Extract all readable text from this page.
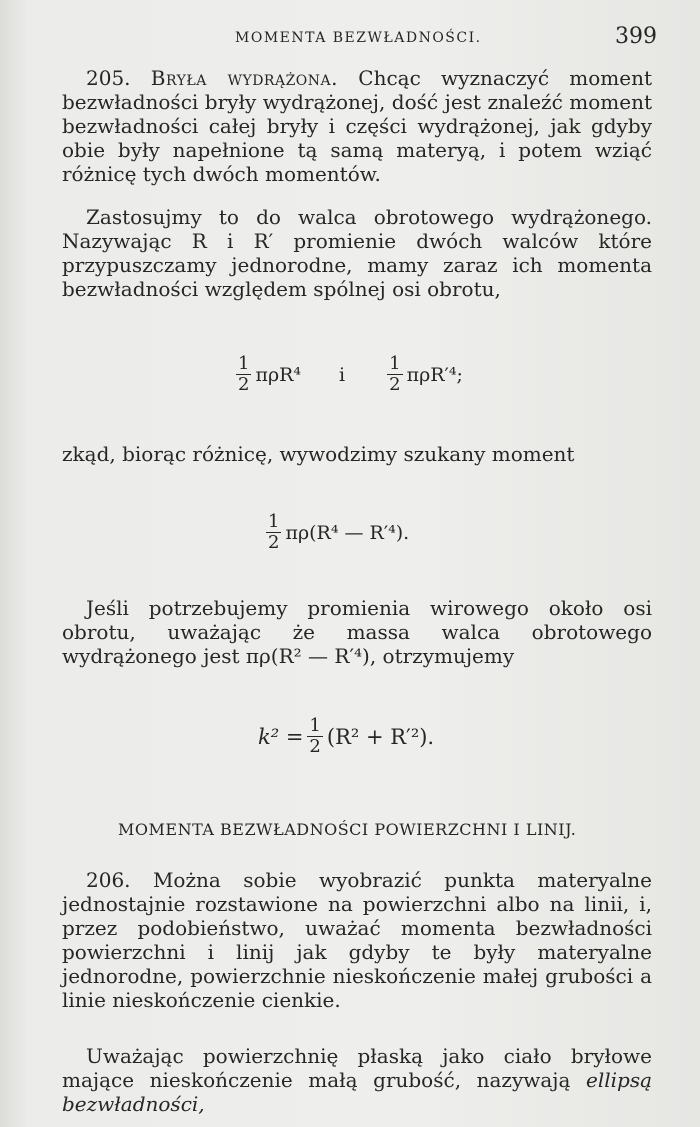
MOMENTA BEZWŁADNOŚCI.	399

205. Bryła wydrążona. Chcąc wyznaczyć moment bezwładności bryły wydrążonej, dość jest znaleźć moment bezwładności całej bryły i części wydrążonej, jak gdyby obie były napełnione tą samą materyą, i potem wziąć różnicę tych dwóch momentów.

Zastosujmy to do walca obrotowego wydrążonego. Nazywając R i R′ promienie dwóch walców które przypuszczamy jednorodne, mamy zaraz ich momenta bezwładności względem spólnej osi obrotu,

$\frac{1}{2} \pi\rho R^4$ i $\frac{1}{2} \pi\rho R'^4$;

zkąd, biorąc różnicę, wywodzimy szukany moment

$\frac{1}{2} \pi\rho(R^4$ — R′⁴).

Jeśli potrzebujemy promienia wirowego około osi obrotu, uważając że massa walca obrotowego wydrążonego jest πρ(R² — R′⁴), otrzymujemy

$k^2 = \frac{1}{2} (R^2 + R'^2)$.
MOMENTA BEZWŁADNOŚCI POWIERZCHNI I LINIJ.

206. Można sobie wyobrazić punkta materyalne jednostajnie rozstawione na powierzchni albo na linii, i, przez podobieństwo, uważać momenta bezwładności powierzchni i linij jak gdyby te były materyalne jednorodne, powierzchnie nieskończenie małej grubości a linie nieskończenie cienkie.

Uważając powierzchnię płaską jako ciało bryłowe mające nieskończenie małą grubość, nazywają ellipsą bezwładności,
